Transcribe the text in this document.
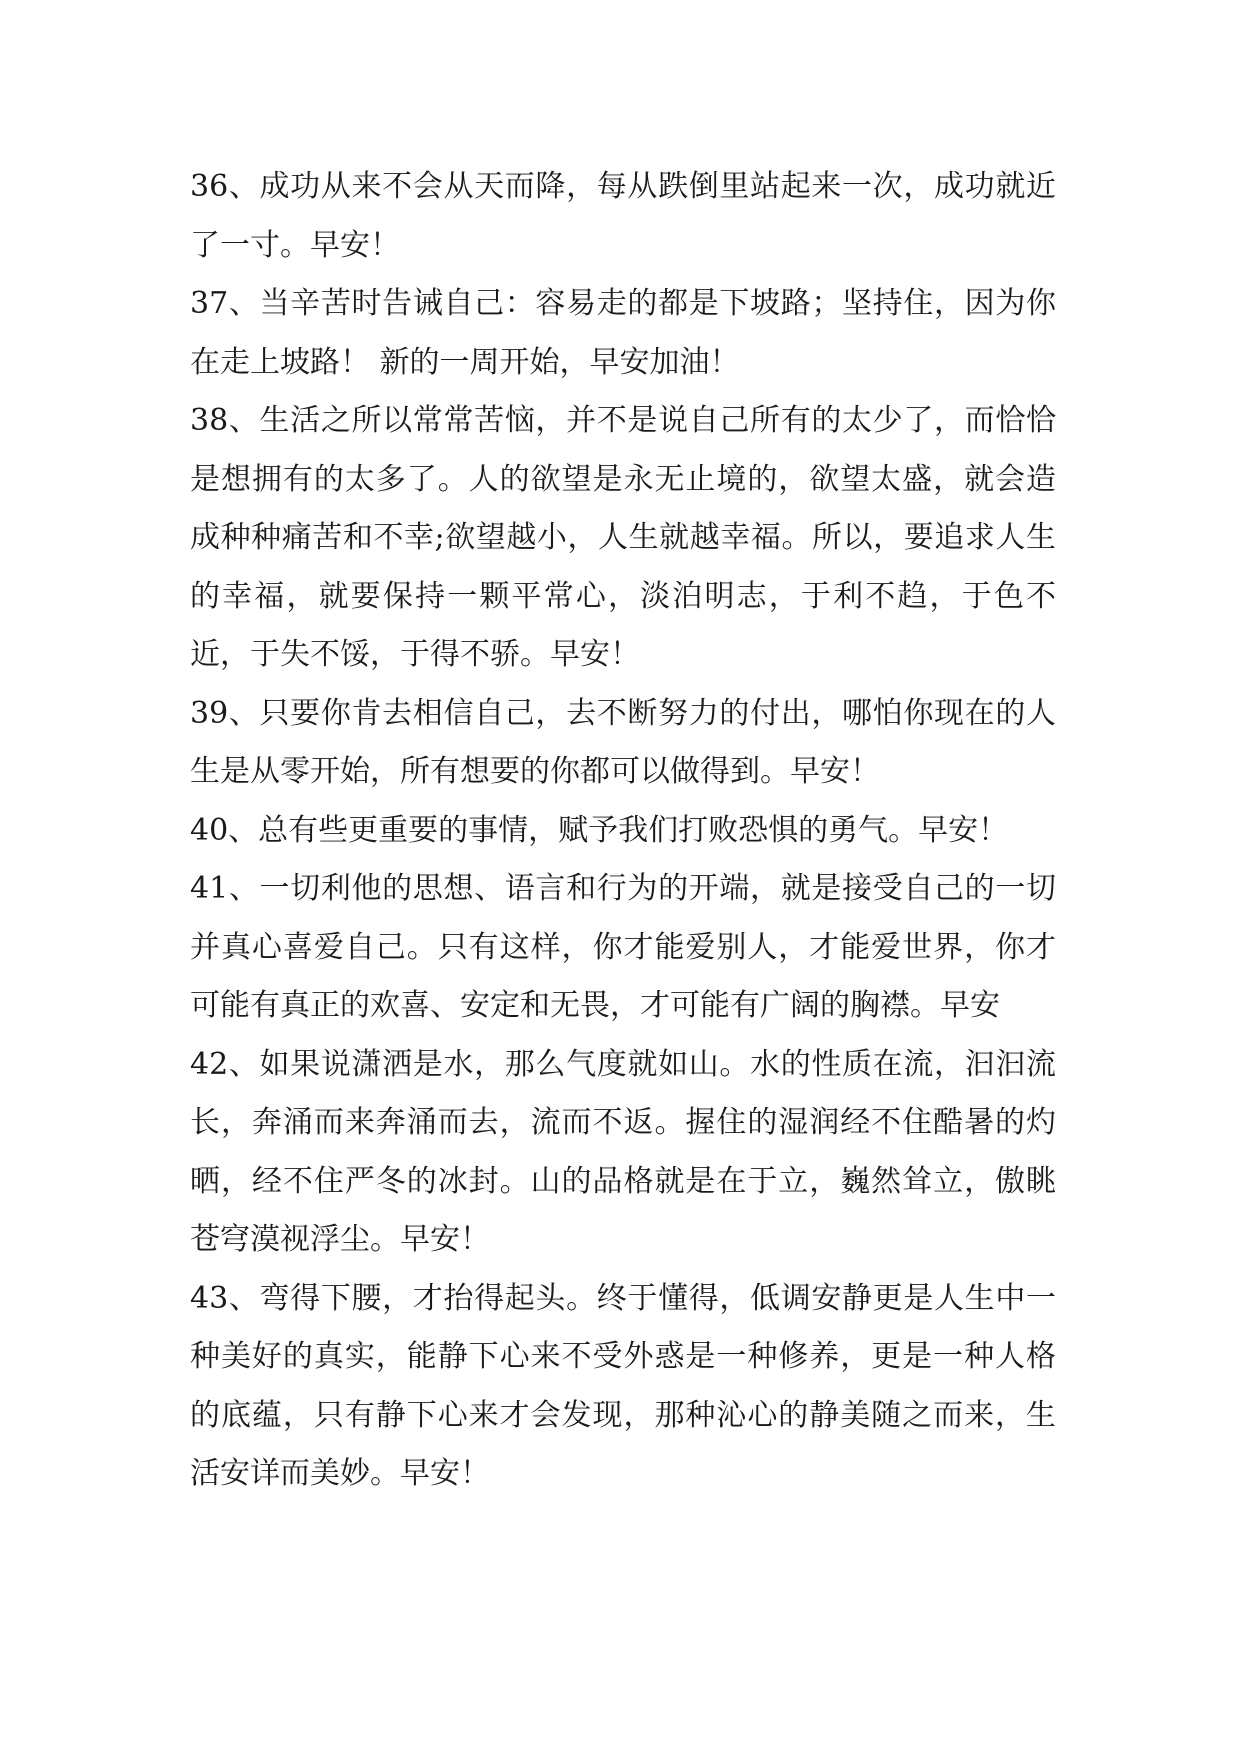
36、成功从来不会从天而降，每从跌倒里站起来一次，成功就近了一寸。早安！

37、当辛苦时告诫自己：容易走的都是下坡路；坚持住，因为你在走上坡路！ 新的一周开始，早安加油！

38、生活之所以常常苦恼，并不是说自己所有的太少了，而恰恰是想拥有的太多了。人的欲望是永无止境的，欲望太盛，就会造成种种痛苦和不幸;欲望越小，人生就越幸福。所以，要追求人生的幸福，就要保持一颗平常心，淡泊明志，于利不趋，于色不近，于失不馁，于得不骄。早安！

39、只要你肯去相信自己，去不断努力的付出，哪怕你现在的人生是从零开始，所有想要的你都可以做得到。早安！

40、总有些更重要的事情，赋予我们打败恐惧的勇气。早安！

41、一切利他的思想、语言和行为的开端，就是接受自己的一切并真心喜爱自己。只有这样，你才能爱别人，才能爱世界，你才可能有真正的欢喜、安定和无畏，才可能有广阔的胸襟。早安

42、如果说潇洒是水，那么气度就如山。水的性质在流，汩汩流长，奔涌而来奔涌而去，流而不返。握住的湿润经不住酷暑的灼晒，经不住严冬的冰封。山的品格就是在于立，巍然耸立，傲眺苍穹漠视浮尘。早安！

43、弯得下腰，才抬得起头。终于懂得，低调安静更是人生中一种美好的真实，能静下心来不受外惑是一种修养，更是一种人格的底蕴，只有静下心来才会发现，那种沁心的静美随之而来，生活安详而美妙。早安！
